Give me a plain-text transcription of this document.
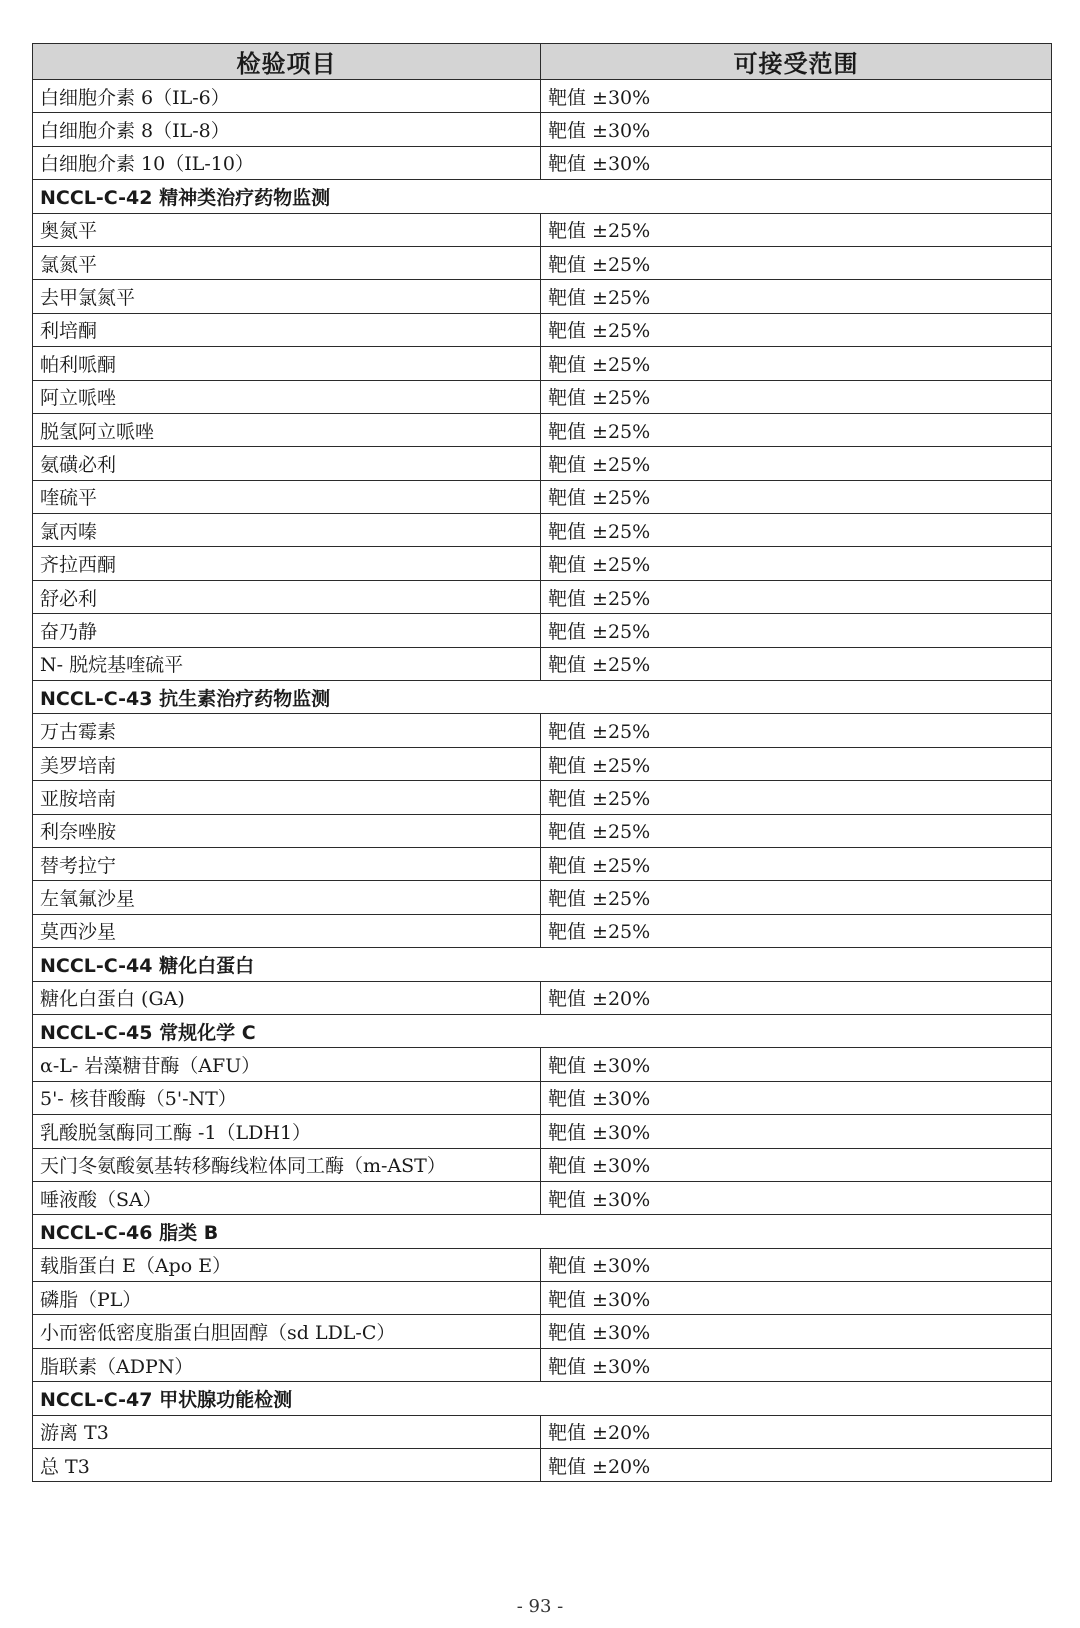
检验项目	可接受范围
白细胞介素 6（IL-6）	靶值 ±30%
白细胞介素 8（IL-8）	靶值 ±30%
白细胞介素 10（IL-10）	靶值 ±30%
NCCL-C-42 精神类治疗药物监测	
奥氮平	靶值 ±25%
氯氮平	靶值 ±25%
去甲氯氮平	靶值 ±25%
利培酮	靶值 ±25%
帕利哌酮	靶值 ±25%
阿立哌唑	靶值 ±25%
脱氢阿立哌唑	靶值 ±25%
氨磺必利	靶值 ±25%
喹硫平	靶值 ±25%
氯丙嗪	靶值 ±25%
齐拉西酮	靶值 ±25%
舒必利	靶值 ±25%
奋乃静	靶值 ±25%
N- 脱烷基喹硫平	靶值 ±25%
NCCL-C-43 抗生素治疗药物监测	
万古霉素	靶值 ±25%
美罗培南	靶值 ±25%
亚胺培南	靶值 ±25%
利奈唑胺	靶值 ±25%
替考拉宁	靶值 ±25%
左氧氟沙星	靶值 ±25%
莫西沙星	靶值 ±25%
NCCL-C-44 糖化白蛋白	
糖化白蛋白 (GA)	靶值 ±20%
NCCL-C-45 常规化学 C	
α-L- 岩藻糖苷酶（AFU）	靶值 ±30%
5'- 核苷酸酶（5'-NT）	靶值 ±30%
乳酸脱氢酶同工酶 -1（LDH1）	靶值 ±30%
天门冬氨酸氨基转移酶线粒体同工酶（m-AST）	靶值 ±30%
唾液酸（SA）	靶值 ±30%
NCCL-C-46 脂类 B	
载脂蛋白 E（Apo E）	靶值 ±30%
磷脂（PL）	靶值 ±30%
小而密低密度脂蛋白胆固醇（sd LDL-C）	靶值 ±30%
脂联素（ADPN）	靶值 ±30%
NCCL-C-47 甲状腺功能检测	
游离 T3	靶值 ±20%
总 T3	靶值 ±20%
- 93 -
